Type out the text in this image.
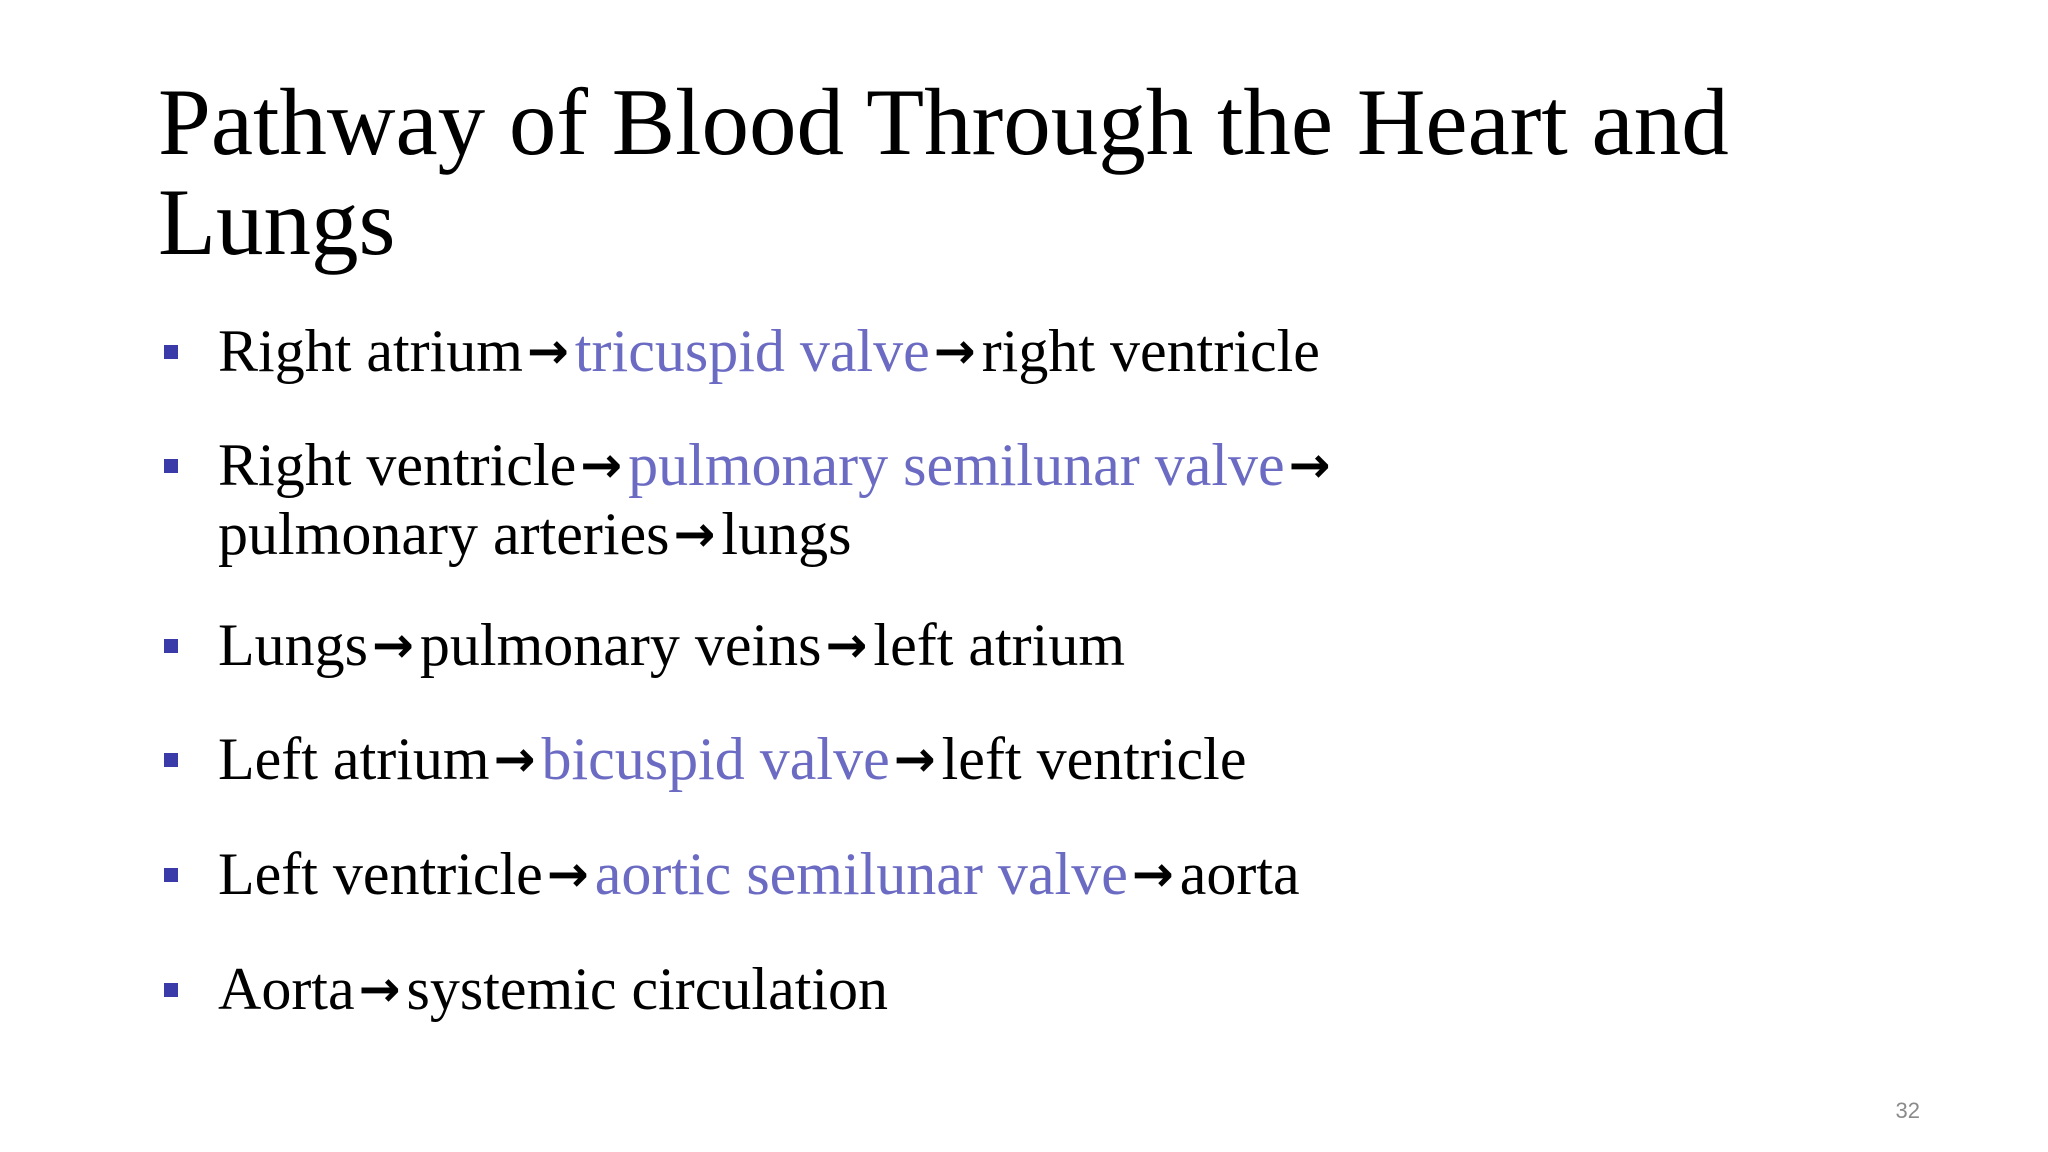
Pathway of Blood Through the Heart and Lungs
Right atrium→ tricuspid valve→ right ventricle
Right ventricle→ pulmonary semilunar valve→
pulmonary arteries→ lungs
Lungs→ pulmonary veins→ left atrium
Left atrium→ bicuspid valve→ left ventricle
Left ventricle→ aortic semilunar valve→ aorta
Aorta→ systemic circulation
32
